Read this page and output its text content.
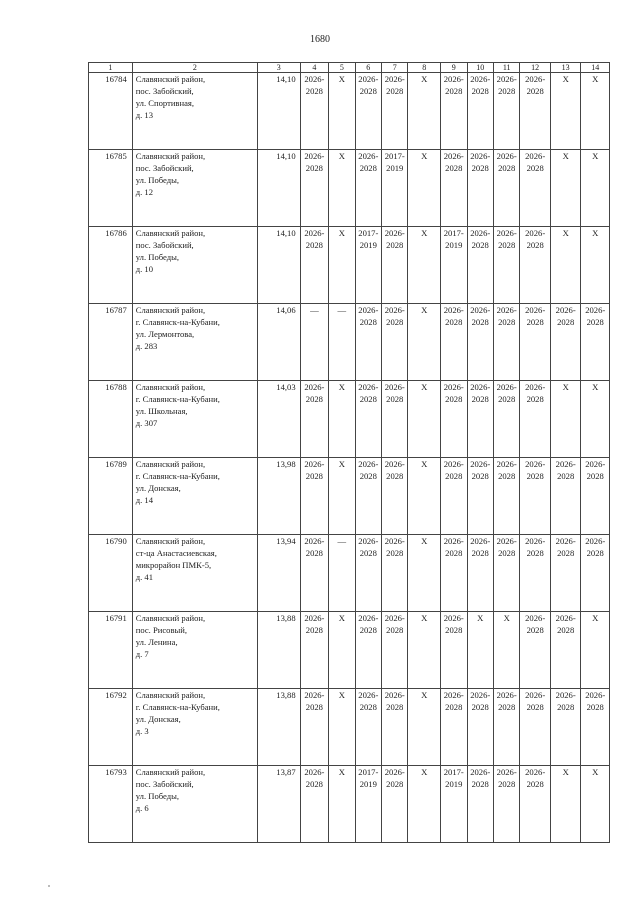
1680
1	2	3	4	5	6	7	8	9	10	11	12	13	14
16784	Славянский район,
пос. Забойский,
ул. Спортивная,
д. 13	14,10	2026-2028	Х	2026-2028	2026-2028	Х	2026-2028	2026-2028	2026-2028	2026-2028	Х	Х
16785	Славянский район,
пос. Забойский,
ул. Победы,
д. 12	14,10	2026-2028	Х	2026-2028	2017-2019	Х	2026-2028	2026-2028	2026-2028	2026-2028	Х	Х
16786	Славянский район,
пос. Забойский,
ул. Победы,
д. 10	14,10	2026-2028	Х	2017-2019	2026-2028	Х	2017-2019	2026-2028	2026-2028	2026-2028	Х	Х
16787	Славянский район,
г. Славянск-на-Кубани,
ул. Лермонтова,
д. 283	14,06	—	—	2026-2028	2026-2028	Х	2026-2028	2026-2028	2026-2028	2026-2028	2026-2028	2026-2028
16788	Славянский район,
г. Славянск-на-Кубани,
ул. Школьная,
д. 307	14,03	2026-2028	Х	2026-2028	2026-2028	Х	2026-2028	2026-2028	2026-2028	2026-2028	Х	Х
16789	Славянский район,
г. Славянск-на-Кубани,
ул. Донская,
д. 14	13,98	2026-2028	Х	2026-2028	2026-2028	Х	2026-2028	2026-2028	2026-2028	2026-2028	2026-2028	2026-2028
16790	Славянский район,
ст-ца Анастасиевская,
микрорайон ПМК-5,
д. 41	13,94	2026-2028	—	2026-2028	2026-2028	Х	2026-2028	2026-2028	2026-2028	2026-2028	2026-2028	2026-2028
16791	Славянский район,
пос. Рисовый,
ул. Ленина,
д. 7	13,88	2026-2028	Х	2026-2028	2026-2028	Х	2026-2028	Х	Х	2026-2028	2026-2028	Х
16792	Славянский район,
г. Славянск-на-Кубани,
ул. Донская,
д. 3	13,88	2026-2028	Х	2026-2028	2026-2028	Х	2026-2028	2026-2028	2026-2028	2026-2028	2026-2028	2026-2028
16793	Славянский район,
пос. Забойский,
ул. Победы,
д. 6	13,87	2026-2028	Х	2017-2019	2026-2028	Х	2017-2019	2026-2028	2026-2028	2026-2028	Х	Х
